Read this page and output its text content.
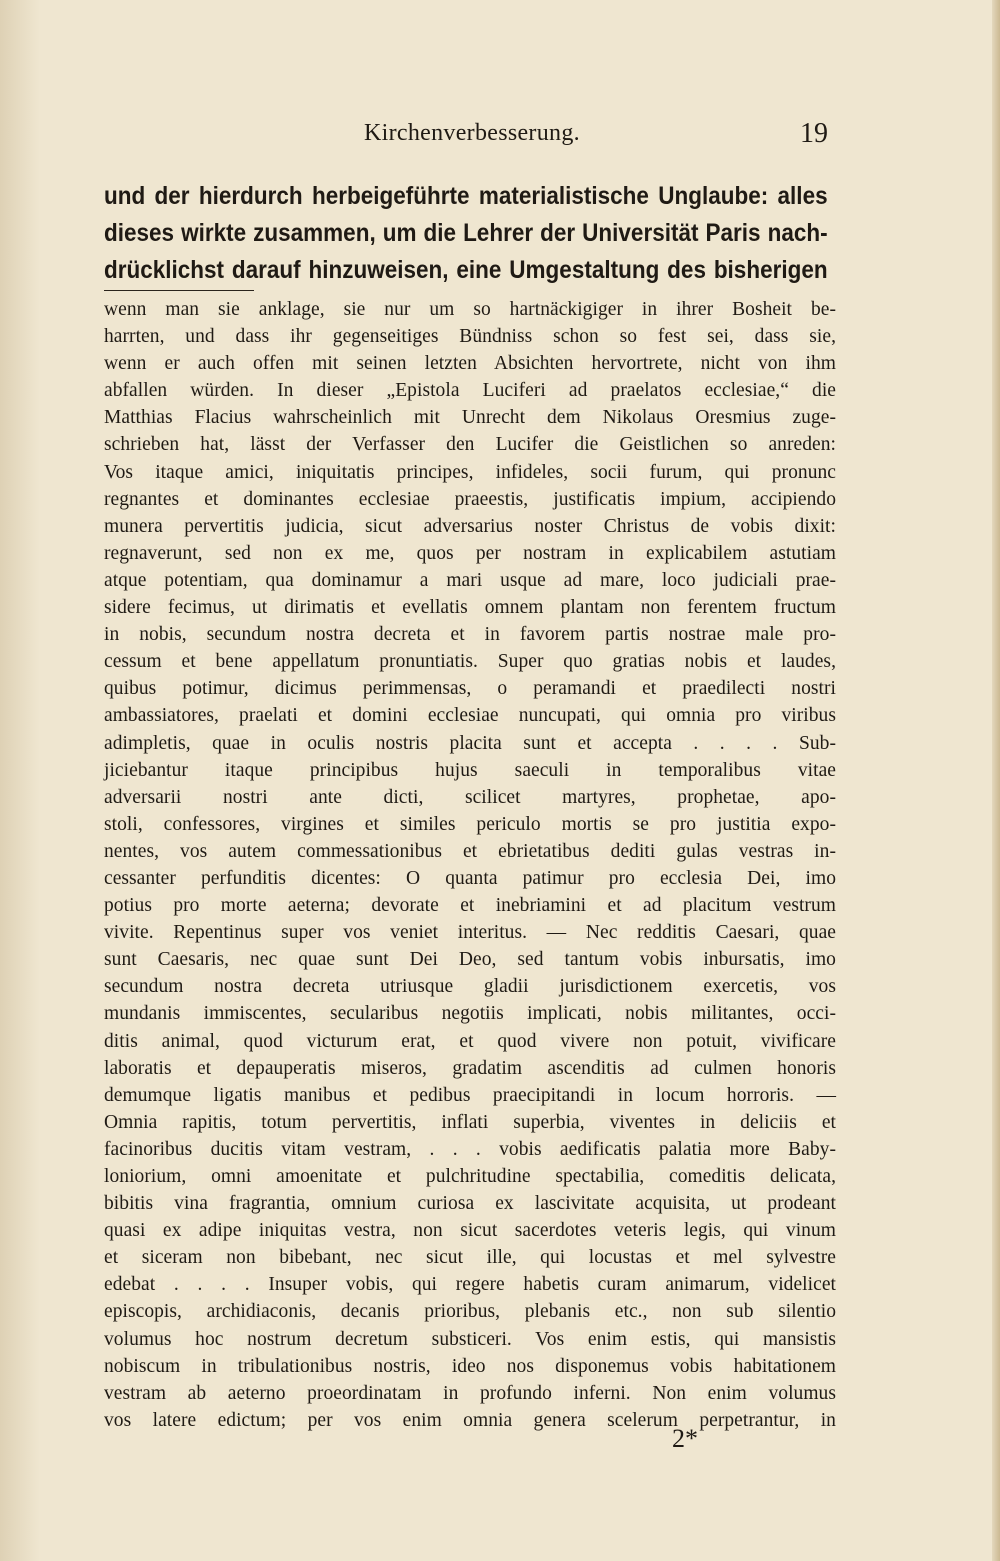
Kirchenverbesserung.	19
und der hierdurch herbeigeführte materialistische Unglaube: alles
dieses wirkte zusammen, um die Lehrer der Universität Paris nach-
drücklichst darauf hinzuweisen, eine Umgestaltung des bisherigen
wenn man sie anklage, sie nur um so hartnäckigiger in ihrer Bosheit be-
harrten, und dass ihr gegenseitiges Bündniss schon so fest sei, dass sie,
wenn er auch offen mit seinen letzten Absichten hervortrete, nicht von ihm
abfallen würden. In dieser „Epistola Luciferi ad praelatos ecclesiae,“ die
Matthias Flacius wahrscheinlich mit Unrecht dem Nikolaus Oresmius zuge-
schrieben hat, lässt der Verfasser den Lucifer die Geistlichen so anreden:
Vos itaque amici, iniquitatis principes, infideles, socii furum, qui pronunc
regnantes et dominantes ecclesiae praeestis, justificatis impium, accipiendo
munera pervertitis judicia, sicut adversarius noster Christus de vobis dixit:
regnaverunt, sed non ex me, quos per nostram in explicabilem astutiam
atque potentiam, qua dominamur a mari usque ad mare, loco judiciali prae-
sidere fecimus, ut dirimatis et evellatis omnem plantam non ferentem fructum
in nobis, secundum nostra decreta et in favorem partis nostrae male pro-
cessum et bene appellatum pronuntiatis. Super quo gratias nobis et laudes,
quibus potimur, dicimus perimmensas, o peramandi et praedilecti nostri
ambassiatores, praelati et domini ecclesiae nuncupati, qui omnia pro viribus
adimpletis, quae in oculis nostris placita sunt et accepta . . . . Sub-
jiciebantur itaque principibus hujus saeculi in temporalibus vitae
adversarii nostri ante dicti, scilicet martyres, prophetae, apo-
stoli, confessores, virgines et similes periculo mortis se pro justitia expo-
nentes, vos autem commessationibus et ebrietatibus dediti gulas vestras in-
cessanter perfunditis dicentes: O quanta patimur pro ecclesia Dei, imo
potius pro morte aeterna; devorate et inebriamini et ad placitum vestrum
vivite. Repentinus super vos veniet interitus. — Nec redditis Caesari, quae
sunt Caesaris, nec quae sunt Dei Deo, sed tantum vobis inbursatis, imo
secundum nostra decreta utriusque gladii jurisdictionem exercetis, vos
mundanis immiscentes, secularibus negotiis implicati, nobis militantes, occi-
ditis animal, quod victurum erat, et quod vivere non potuit, vivificare
laboratis et depauperatis miseros, gradatim ascenditis ad culmen honoris
demumque ligatis manibus et pedibus praecipitandi in locum horroris. —
Omnia rapitis, totum pervertitis, inflati superbia, viventes in deliciis et
facinoribus ducitis vitam vestram, . . . vobis aedificatis palatia more Baby-
loniorium, omni amoenitate et pulchritudine spectabilia, comeditis delicata,
bibitis vina fragrantia, omnium curiosa ex lascivitate acquisita, ut prodeant
quasi ex adipe iniquitas vestra, non sicut sacerdotes veteris legis, qui vinum
et siceram non bibebant, nec sicut ille, qui locustas et mel sylvestre
edebat . . . . Insuper vobis, qui regere habetis curam animarum, videlicet
episcopis, archidiaconis, decanis prioribus, plebanis etc., non sub silentio
volumus hoc nostrum decretum substiceri. Vos enim estis, qui mansistis
nobiscum in tribulationibus nostris, ideo nos disponemus vobis habitationem
vestram ab aeterno proeordinatam in profundo inferni. Non enim volumus
vos latere edictum; per vos enim omnia genera scelerum perpetrantur, in
2*
